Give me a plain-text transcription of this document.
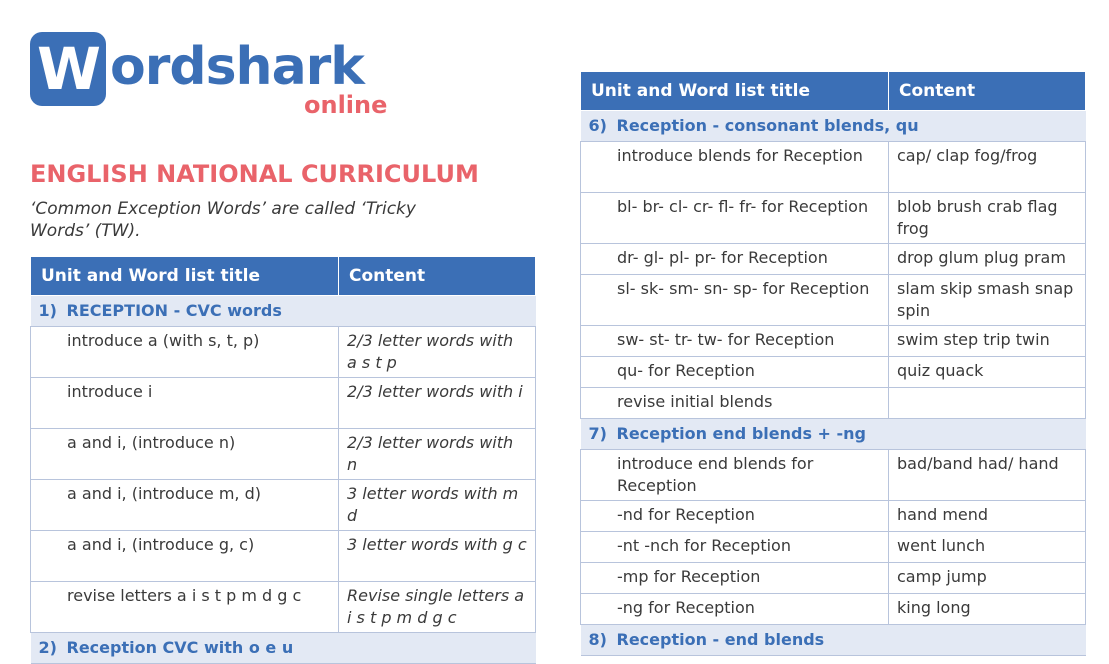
W ordshark
online
ENGLISH NATIONAL CURRICULUM
‘Common Exception Words’ are called ‘Tricky Words’ (TW).
Unit and Word list title	Content
1) RECEPTION - CVC words	
introduce a (with s, t, p)	2/3 letter words with a s t p
introduce i	2/3 letter words with i
a and i, (introduce n)	2/3 letter words with n
a and i, (introduce m, d)	3 letter words with m d
a and i, (introduce g, c)	3 letter words with g c
revise letters a i s t p m d g c	Revise single letters a i s t p m d g c
2) Reception CVC with o e u	
Unit and Word list title	Content
6) Reception - consonant blends, qu	
introduce blends for Reception	cap/ clap fog/frog
bl- br- cl- cr- fl- fr- for Reception	blob brush crab flag frog
dr- gl- pl- pr- for Reception	drop glum plug pram
sl- sk- sm- sn- sp- for Reception	slam skip smash snap spin
sw- st- tr- tw- for Reception	swim step trip twin
qu- for Reception	quiz quack
revise initial blends	
7) Reception end blends + -ng	
introduce end blends for Reception	bad/band had/ hand
-nd for Reception	hand mend
-nt -nch for Reception	went lunch
-mp for Reception	camp jump
-ng for Reception	king long
8) Reception - end blends	
